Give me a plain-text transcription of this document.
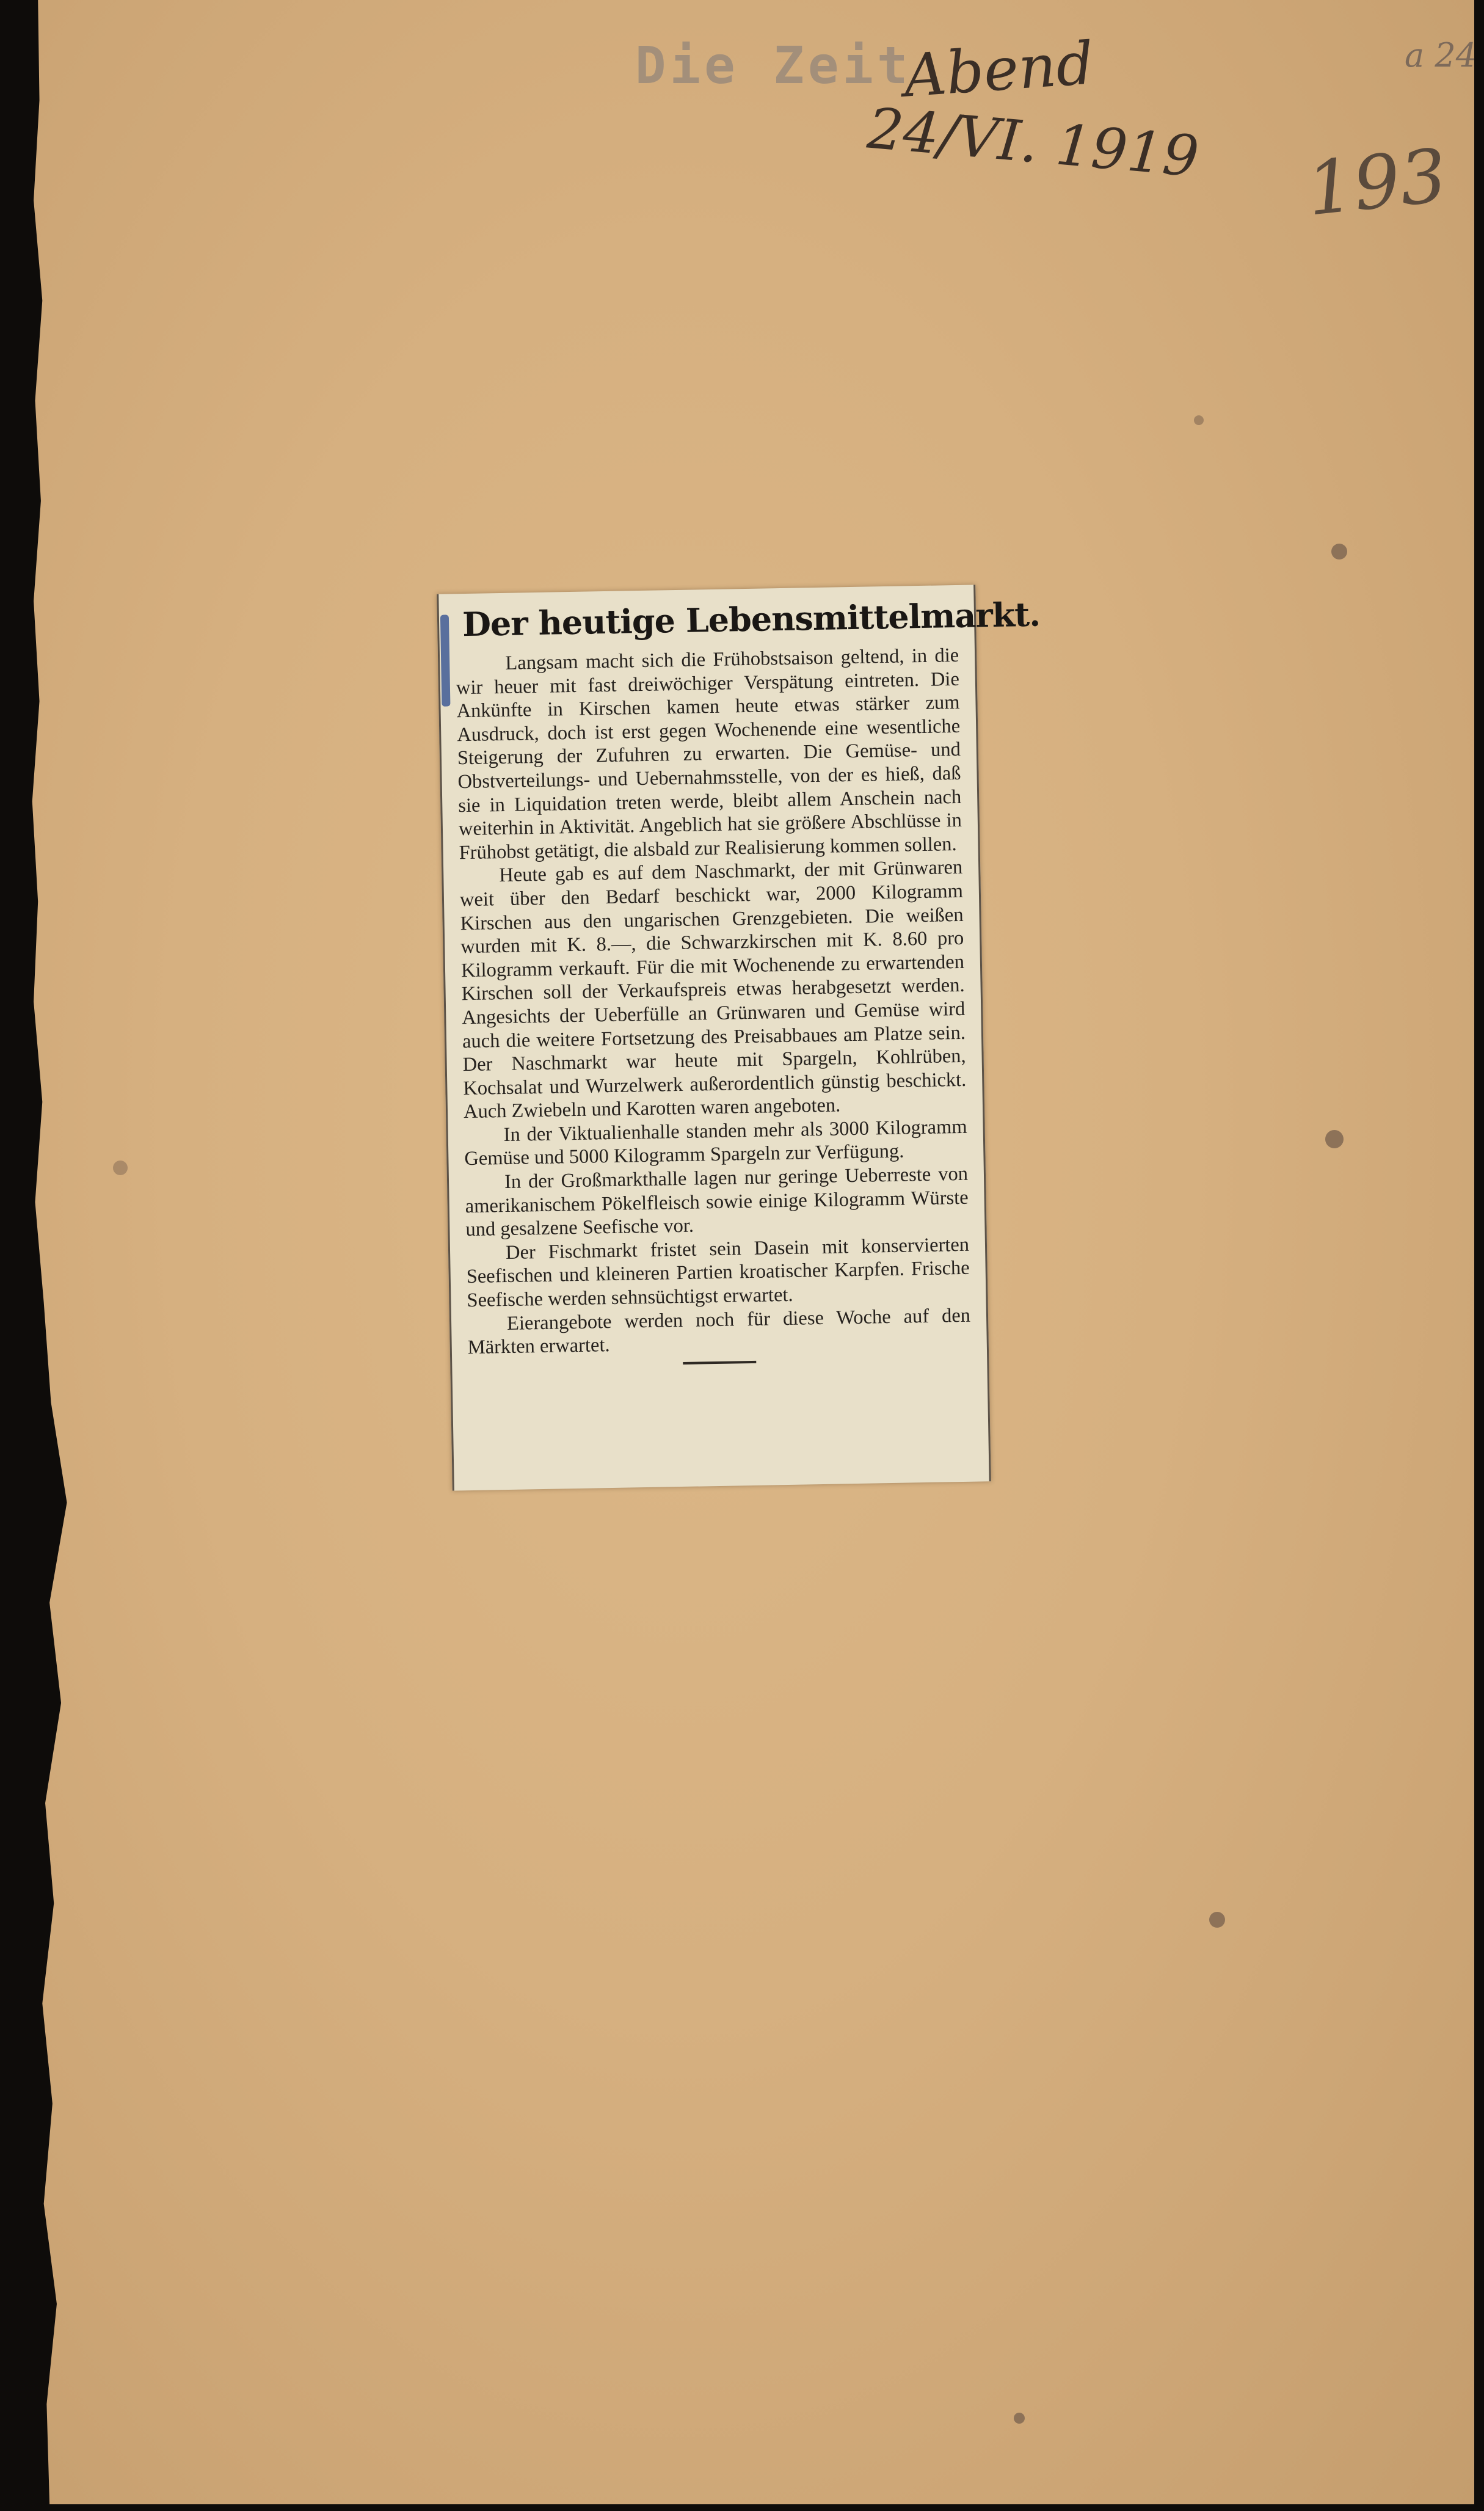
Die Zeit
Abend
24/VI. 1919 193
a 24
Der heutige Lebensmittelmarkt.

Langsam macht sich die Frühobstsaison geltend, in die wir heuer mit fast dreiwöchiger Verspätung eintreten. Die Ankünfte in Kirschen kamen heute etwas stärker zum Ausdruck, doch ist erst gegen Wochenende eine wesentliche Steigerung der Zufuhren zu erwarten. Die Gemüse- und Obstverteilungs- und Uebernahmsstelle, von der es hieß, daß sie in Liquidation treten werde, bleibt allem Anschein nach weiterhin in Aktivität. Angeblich hat sie größere Abschlüsse in Frühobst getätigt, die alsbald zur Realisierung kommen sollen.

Heute gab es auf dem Naschmarkt, der mit Grünwaren weit über den Bedarf beschickt war, 2000 Kilogramm Kirschen aus den ungarischen Grenzgebieten. Die weißen wurden mit K. 8.—, die Schwarzkirschen mit K. 8.60 pro Kilogramm verkauft. Für die mit Wochenende zu erwartenden Kirschen soll der Verkaufspreis etwas herabgesetzt werden. Angesichts der Ueberfülle an Grünwaren und Gemüse wird auch die weitere Fortsetzung des Preisabbaues am Platze sein. Der Naschmarkt war heute mit Spargeln, Kohlrüben, Kochsalat und Wurzelwerk außerordentlich günstig beschickt. Auch Zwiebeln und Karotten waren angeboten.

In der Viktualienhalle standen mehr als 3000 Kilogramm Gemüse und 5000 Kilogramm Spargeln zur Verfügung.

In der Großmarkthalle lagen nur geringe Ueberreste von amerikanischem Pökelfleisch sowie einige Kilogramm Würste und gesalzene Seefische vor.

Der Fischmarkt fristet sein Dasein mit konservierten Seefischen und kleineren Partien kroatischer Karpfen. Frische Seefische werden sehnsüchtigst erwartet.

Eierangebote werden noch für diese Woche auf den Märkten erwartet.
